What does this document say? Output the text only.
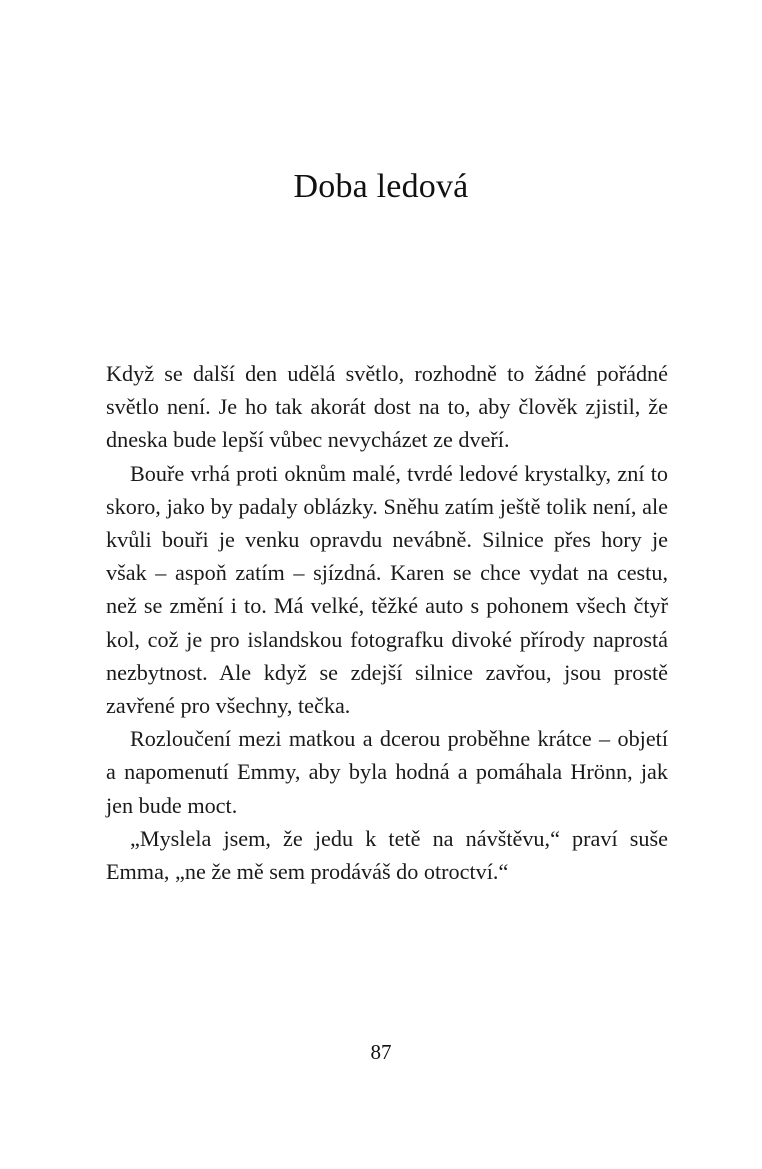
Doba ledová

Když se další den udělá světlo, rozhodně to žádné pořádné světlo není. Je ho tak akorát dost na to, aby člověk zjistil, že dneska bude lepší vůbec nevycházet ze dveří.

Bouře vrhá proti oknům malé, tvrdé ledové krystalky, zní to skoro, jako by padaly oblázky. Sněhu zatím ještě tolik není, ale kvůli bouři je venku opravdu nevábně. Silnice přes hory je však – aspoň zatím – sjízdná. Karen se chce vydat na cestu, než se změní i to. Má velké, těžké auto s pohonem všech čtyř kol, což je pro islandskou fotografku divoké přírody naprostá nezbytnost. Ale když se zdejší silnice zavřou, jsou prostě zavřené pro všechny, tečka.

Rozloučení mezi matkou a dcerou proběhne krátce – objetí a napomenutí Emmy, aby byla hodná a pomáhala Hrönn, jak jen bude moct.

„Myslela jsem, že jedu k tetě na návštěvu,“ praví suše Emma, „ne že mě sem prodáváš do otroctví.“

87
